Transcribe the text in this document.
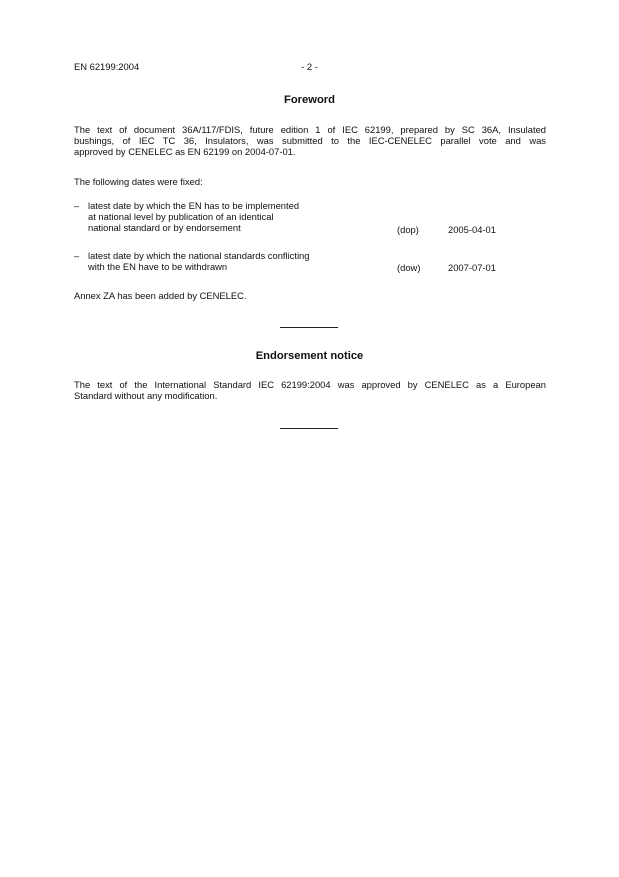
EN 62199:2004	- 2 -
Foreword
The text of document 36A/117/FDIS, future edition 1 of IEC 62199, prepared by SC 36A, Insulated
bushings, of IEC TC 36, Insulators, was submitted to the IEC-CENELEC parallel vote and was
approved by CENELEC as EN 62199 on 2004-07-01.
The following dates were fixed:
– latest date by which the EN has to be implemented
at national level by publication of an identical
national standard or by endorsement	(dop)	2005-04-01
– latest date by which the national standards conflicting
with the EN have to be withdrawn	(dow)	2007-07-01
Annex ZA has been added by CENELEC.
Endorsement notice
The text of the International Standard IEC 62199:2004 was approved by CENELEC as a European
Standard without any modification.
